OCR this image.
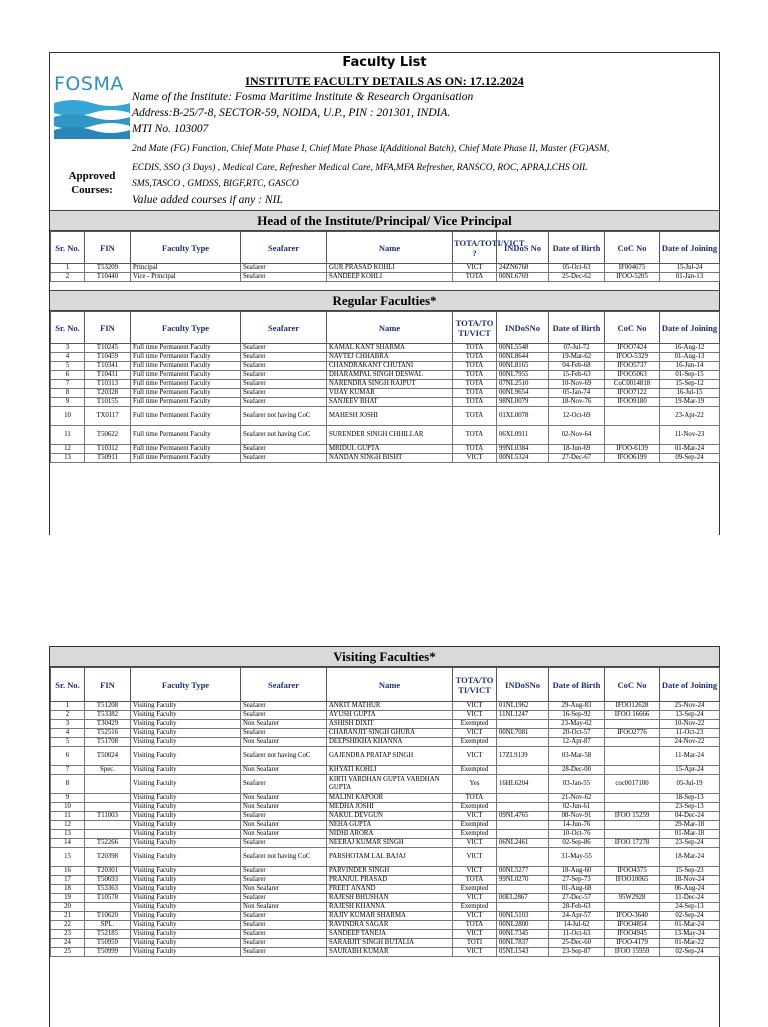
Faculty List
INSTITUTE FACULTY DETAILS AS ON: 17.12.2024
FOSMA
Name of the Institute: Fosma Maritime Institute & Research Organisation
Address:B-25/7-8, SECTOR-59, NOIDA, U.P., PIN : 201301, INDIA.
MTI No. 103007
2nd Mate (FG) Function, Chief Mate Phase I, Chief Mate Phase I(Additional Batch), Chief Mate Phase II, Master (FG)ASM,
ECDIS, SSO (3 Days) , Medical Care, Refresher Medical Care, MFA,MFA Refresher, RANSCO, ROC, APRA,LCHS OIL
SMS,TASCO , GMDSS, BIGF,RTC, GASCO
Value added courses if any : NIL
Approved
Courses:
Head of the Institute/Principal/ Vice Principal
Sr. No.	FIN	Faculty Type	Seafarer	Name	TOTA/TOTI/VICT ?	INDoS No	Date of Birth	CoC No	Date of Joining
1	T53209	Principal	Seafarer	GUR PRASAD KOHLI	VICT	24ZN6768	05-Oct-63	IF004675	15-Jul-24
2	T10440	Vice - Principal	Seafarer	SANDEEP KOHLI	TOTA	00NL6769	25-Dec-62	IFOO-5205	01-Jan-13
Regular Faculties*
Sr. No.	FIN	Faculty Type	Seafarer	Name	TOTA/TO TI/VICT	INDoSNo	Date of Birth	CoC No	Date of Joining
3	T10245	Full time Permanent Faculty	Seafarer	KAMAL KANT SHARMA	TOTA	00NL5548	07-Jul-72	IFOO7424	16-Aug-12
4	T10459	Full time Permanent Faculty	Seafarer	NAVTEJ CHHABRA	TOTA	00NL8644	19-Mar-62	IFOO-5329	01-Aug-13
5	T10341	Full time Permanent Faculty	Seafarer	CHANDRAKANT CHUTANI	TOTA	00NL8165	04-Feb-68	IFOO5737	16-Jun-14
6	T10431	Full time Permanent Faculty	Seafarer	DHARAMPAL SINGH DESWAL	TOTA	00NL7955	15-Feb-63	IFOO5063	01-Sep-15
7	T10313	Full time Permanent Faculty	Seafarer	NARENDRA SINGH RAJPUT	TOTA	07NL2510	10-Nov-69	CoC0014818	15-Sep-12
8	T20328	Full time Permanent Faculty	Seafarer	VIJAY KUMAR	TOTA	00NL9654	05-Jan-74	IFOO7122	16-Jul-15
9	T10155	Full time Permanent Faculty	Seafarer	SANJEEV BHAT	TOTA	98NL0079	18-Nov-76	IFOO9180	19-Mar-19
10	TX0117	Full time Permanent Faculty	Seafarer not having CoC	MAHESH JOSHI	TOTA	01XL0078	12-Oct-69		23-Apr-22
11	T50622	Full time Permanent Faculty	Seafarer not having CoC	SURENDER SINGH CHHILLAR	TOTA	06XL0911	02-Nov-64		11-Nov-23
12	T10312	Full time Permanent Faculty	Seafarer	MRIDUL GUPTA	TOTA	99NL0384	18-Jun-69	IFOO-6139	01-Mar-24
13	T50911	Full time Permanent Faculty	Seafarer	NANDAN SINGH BISHT	VICT	00NL5324	27-Dec-67	IFOO6199	09-Sep-24
Visiting Faculties*
Sr. No.	FIN	Faculty Type	Seafarer	Name	TOTA/TO TI/VICT	INDoSNo	Date of Birth	CoC No	Date of Joining
1	T51208	Visiting Faculty	Seafarer	ANKIT MATHUR	VICT	01NL1962	29-Aug-83	IFOO12628	25-Nov-24
2	T53382	Visiting Faculty	Seafarer	AYUSH GUPTA	VICT	11NL1247	16-Sep-92	IFOO 16666	13-Sep-24
3	T30429	Visiting Faculty	Non Seafarer	ASHISH DIXIT	Exempted		23-May-62		10-Nov-22
4	T52516	Visiting Faculty	Seafarer	CHARANJIT SINGH GHURA	VICT	00NL7081	20-Oct-57	IFOO2776	11-Oct-23
5	T51708	Visiting Faculty	Non Seafarer	DEEPSHIKHA KHANNA	Exempted		12-Apr-87		24-Nov-22
6	T50024	Visiting Faculty	Seafarer not having CoC	GAJENDRA PRATAP SINGH	VICT	17ZL9139	03-Mar-58		11-Mar-24
7	Spec.	Visiting Faculty	Non Seafarer	KHYATI KOHLI	Exempted		28-Dec-00		15-Apr-24
8		Visiting Faculty	Seafarer	KIRTI VARDHAN GUPTA VARDHAN GUPTA	Yes	16HL6204	03-Jan-55	coc0017100	05-Jul-19
9		Visiting Faculty	Non Seafarer	MALINI KAPOOR	TOTA		21-Nov-62		18-Sep-13
10		Visiting Faculty	Non Seafarer	MEDHA JOSHI	Exempted		02-Jun-61		23-Sep-13
11	T11003	Visiting Faculty	Seafarer	NAKUL DEVGUN	VICT	09NL4765	08-Nov-91	IFOO 15259	04-Dec-24
12		Visiting Faculty	Non Seafarer	NEHA GUPTA	Exempted		14-Jun-76		29-Mar-18
13		Visiting Faculty	Non Seafarer	NIDHI ARORA	Exempted		10-Oct-76		01-Mar-18
14	T52266	Visiting Faculty	Seafarer	NEERAJ KUMAR SINGH	VICT	06NL2461	02-Sep-86	IFOO 17278	23-Sep-24
15	T20398	Visiting Faculty	Seafarer not having CoC	PARSHOTAM LAL BAJAJ	VICT		31-May-55		18-Mar-24
16	T20301	Visiting Faculty	Seafarer	PARVINDER SINGH	VICT	00NL5277	18-Aug-60	IFOO4375	15-Sep-23
17	T50693	Visiting Faculty	Seafarer	PRANJUL PRASAD	TOTA	99NL0270	27-Sep-73	IFOO10065	18-Nov-24
18	T53363	Visiting Faculty	Non Seafarer	PREET ANAND	Exempted		01-Aug-68		06-Aug-24
19	T10578	Visiting Faculty	Seafarer	RAJESH BHUSHAN	VICT	00EL2867	27-Dec-57	95W2928	11-Dec-24
20		Visiting Faculty	Non Seafarer	RAJESH KHANNA	Exempted		28-Feb-63		24-Sep-13
21	T10620	Visiting Faculty	Seafarer	RAJIV KUMAR SHARMA	VICT	00NL5103	24-Apr-57	IFOO-3640	02-Sep-24
22	SPL.	Visiting Faculty	Seafarer	RAVINDRA SAGAR	TOTA	00NL2800	14-Jul-62	IFOO4854	01-Mar-24
23	T52185	Visiting Faculty	Seafarer	SANDEEP TANEJA	VICT	00NL7345	11-Oct-63	IFOO4945	13-May-24
24	T50959	Visiting Faculty	Seafarer	SARABJIT SINGH BUTALIA	TOTI	00NL7837	25-Dec-60	IFOO-4179	01-Mar-22
25	T50999	Visiting Faculty	Seafarer	SAURABH KUMAR	VICT	05NL1543	23-Sep-87	IFOO 15959	02-Sep-24
